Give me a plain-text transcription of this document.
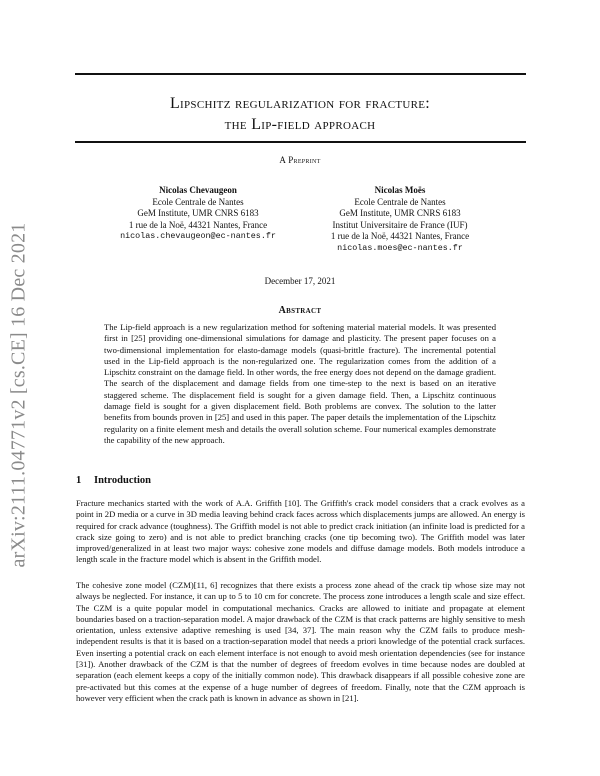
arXiv:2111.04771v2 [cs.CE] 16 Dec 2021
Lipschitz regularization for fracture:
the Lip-field approach
A Preprint
Nicolas Chevaugeon
Ecole Centrale de Nantes
GeM Institute, UMR CNRS 6183
1 rue de la Noë, 44321 Nantes, France
nicolas.chevaugeon@ec-nantes.fr
Nicolas Moës
Ecole Centrale de Nantes
GeM Institute, UMR CNRS 6183
Institut Universitaire de France (IUF)
1 rue de la Noë, 44321 Nantes, France
nicolas.moes@ec-nantes.fr
December 17, 2021
Abstract
The Lip-field approach is a new regularization method for softening material material models. It was presented first in [25] providing one-dimensional simulations for damage and plasticity. The present paper focuses on a two-dimensional implementation for elasto-damage models (quasi-brittle fracture). The incremental potential used in the Lip-field approach is the non-regularized one. The regularization comes from the addition of a Lipschitz constraint on the damage field. In other words, the free energy does not depend on the damage gradient. The search of the displacement and damage fields from one time-step to the next is based on an iterative staggered scheme. The displacement field is sought for a given damage field. Then, a Lipschitz continuous damage field is sought for a given displacement field. Both problems are convex. The solution to the latter benefits from bounds proven in [25] and used in this paper. The paper details the implementation of the Lipschitz regularity on a finite element mesh and details the overall solution scheme. Four numerical examples demonstrate the capability of the new approach.
1 Introduction
Fracture mechanics started with the work of A.A. Griffith [10]. The Griffith's crack model considers that a crack evolves as a point in 2D media or a curve in 3D media leaving behind crack faces across which displacements jumps are allowed. An energy is required for crack advance (toughness). The Griffith model is not able to predict crack initiation (an infinite load is predicted for a crack size going to zero) and is not able to predict branching cracks (one tip becoming two). The Griffith model was later improved/generalized in at least two major ways: cohesive zone models and diffuse damage models. Both models introduce a length scale in the fracture model which is absent in the Griffith model.
The cohesive zone model (CZM)[11, 6] recognizes that there exists a process zone ahead of the crack tip whose size may not always be neglected. For instance, it can up to 5 to 10 cm for concrete. The process zone introduces a length scale and size effect. The CZM is a quite popular model in computational mechanics. Cracks are allowed to initiate and propagate at element boundaries based on a traction-separation model. A major drawback of the CZM is that crack patterns are highly sensitive to mesh orientation, unless extensive adaptive remeshing is used [34, 37]. The main reason why the CZM fails to produce mesh-independent results is that it is based on a traction-separation model that needs a priori knowledge of the potential crack surfaces. Even inserting a potential crack on each element interface is not enough to avoid mesh orientation dependencies (see for instance [31]). Another drawback of the CZM is that the number of degrees of freedom evolves in time because nodes are doubled at separation (each element keeps a copy of the initially common node). This drawback disappears if all possible cohesive zone are pre-activated but this comes at the expense of a huge number of degrees of freedom. Finally, note that the CZM approach is however very efficient when the crack path is known in advance as shown in [21].
